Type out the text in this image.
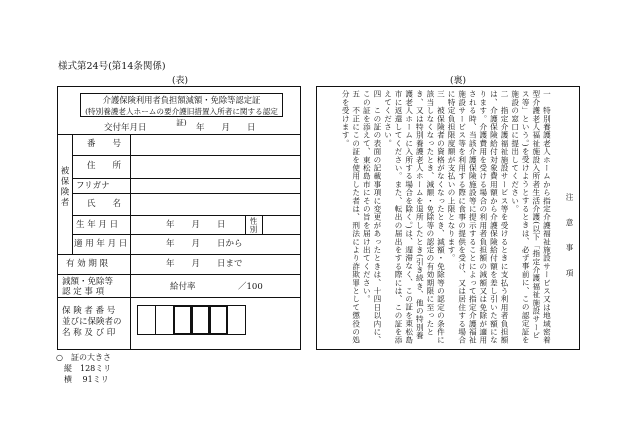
様式第24号(第14条関係)
(表)	(裏)
介護保険利用者負担額減額・免除等認定証
(特別養護老人ホームの要介護旧措置入所者に関する認定証)
交付年月日	年　　月　　日
被保険者
番　　号
住　　所
フリガナ
氏　　名
生 年 月 日	年　　月　　日	性別
適 用 年 月 日	年　　月　　日から
有 効 期 限	年　　月　　日まで
減額・免除等
認 定 事 項	給付率　　　　　／100
保 険 者 番 号
並びに保険者の
名 称 及 び 印
注　意　事　項
一　特別養護老人ホームから指定介護福祉施設サービス又は地域密着型介護老人福祉施設入所者生活介護(以下「指定介護福祉施設サービス等」という。)を受けようとするときは、必ず事前に、この認定証を施設の窓口に提出してください。
二　指定介護福祉施設サービス等を受けるときに支払う利用者負担額は、介護保険給付対象費用額から介護保険給付額を差し引いた額になります。介護費用を受ける場合の利用者負担額の減額又は免除が適用される時、当該介護保険施設等に提示することによって指定介護福祉施設サービス等を利用する際に食事の提供を受け、又は居住する場合に特定負担限度額が支払いの上限となります。
三　被保険者の資格がなくなったとき、減額・免除等の認定の条件に該当しなくなったとき、減額・免除等の認定の有効期限に至ったとき、又は特別養護老人ホームを退所したとき(引き続き、他の特別養護老人ホームに入所する場合を除く。)は、遅滞なく、この証を東松島市に返還してください。また、転出の届出をする際には、この証を添えてください。
四　この証の表面の記載事項に変更があったときは、十四日以内に、この証を添えて、東松島市にその旨を届け出てください。
五　不正にこの証を使用した者は、刑法により詐欺罪として懲役の処分を受けます。
○　証の大きさ
縦　128ミリ
横　 91ミリ
